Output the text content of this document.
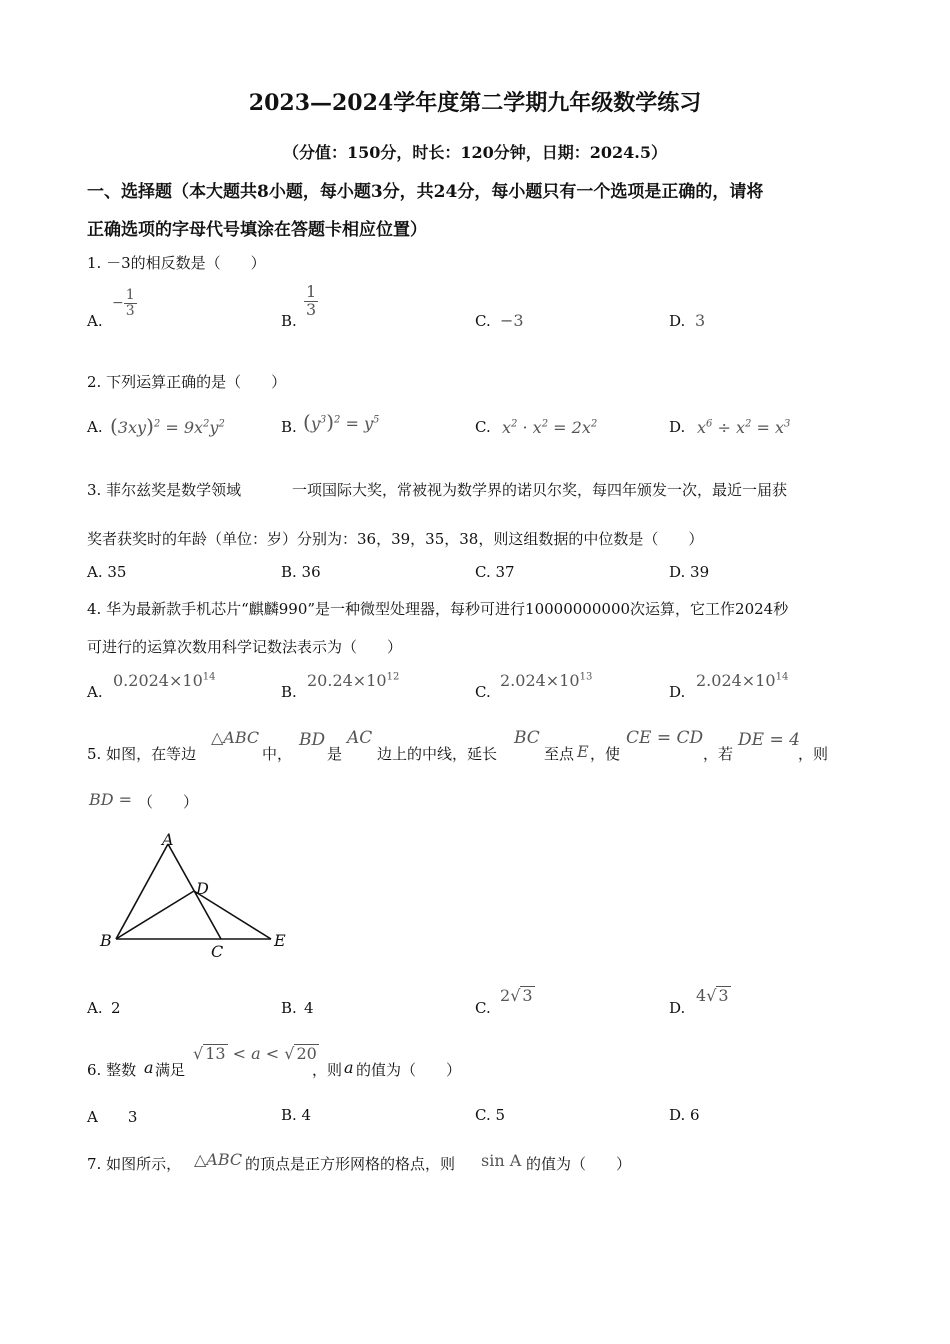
2023—2024学年度第二学期九年级数学练习
（分值：150分，时长：120分钟，日期：2024.5）
一、选择题（本大题共8小题，每小题3分，共24分，每小题只有一个选项是正确的，请将
正确选项的字母代号填涂在答题卡相应位置）
1. －3的相反数是（　　）
A.
− $\frac{1}{3}$
B.
$\frac{1}{3}$
C. −3	D. 3
2. 下列运算正确的是（　　）
A. $(3xy)^2 = 9x^2y^2$	B. $(y^3)^2 = y^5$	C. $x^2 \cdot x^2 = 2x^2$	D. $x^6 \div x^2 = x^3$
3. 菲尔兹奖是数学领域	一项国际大奖，常被视为数学界的诺贝尔奖，每四年颁发一次，最近一届获
奖者获奖时的年龄（单位：岁）分别为：36，39，35，38，则这组数据的中位数是（　　）
A. 35	B. 36	C. 37	D. 39
4. 华为最新款手机芯片“麒麟990”是一种微型处理器，每秒可进行10000000000次运算，它工作2024秒
可进行的运算次数用科学记数法表示为（　　）
A.
$0.2024\times 10^{14}$
B.
$20.24\times 10^{12}$
C.
$2.024\times 10^{13}$
D.
$2.024\times 10^{14}$
5. 如图，在等边
△ABC
中，
BD
是
AC
边上的中线，延长
BC
至点 E ，使
CE = CD
，若
DE = 4
，则
BD = （　　）
A
D
B
C
E
A. 2	B. 4	C.
2√ 3
D.
4√ 3
6. 整数 a 满足
√ 13 < a < √ 20
，则 a 的值为（　　）
A　　3	B. 4	C. 5	D. 6
7. 如图所示， △ABC 的顶点是正方形网格的格点，则 sin A 的值为（　　）
